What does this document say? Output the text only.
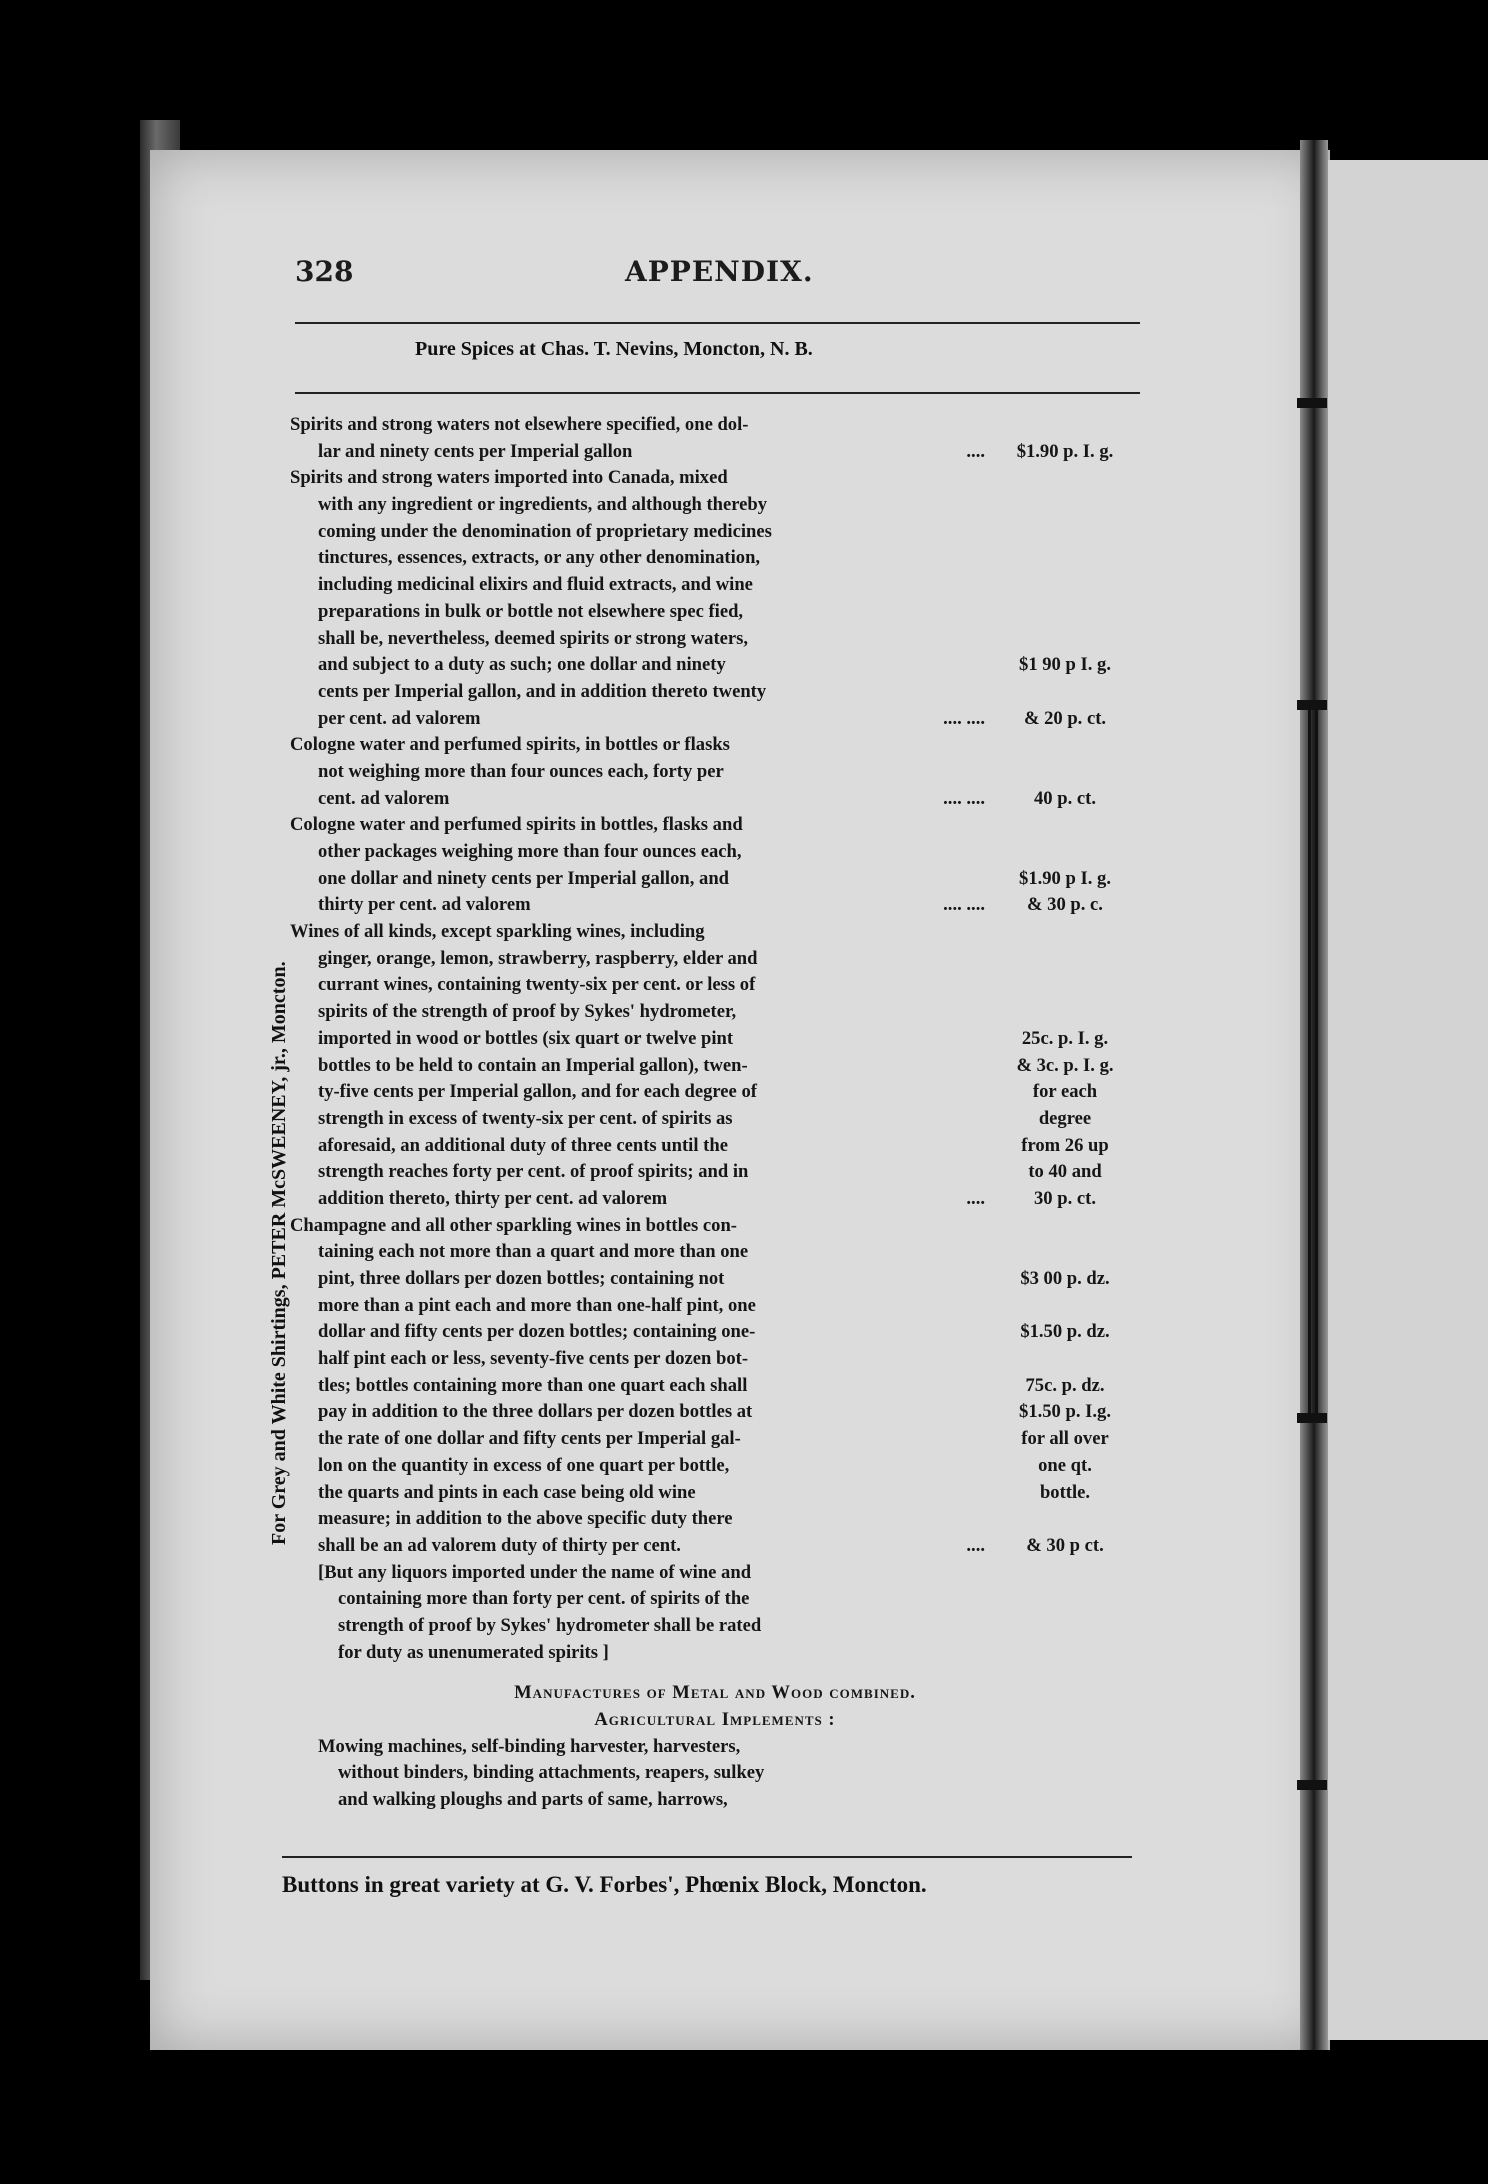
328	APPENDIX.
Pure Spices at Chas. T. Nevins, Moncton, N. B.
For Grey and White Shirtings, PETER McSWEENEY, jr., Moncton.
Spirits and strong waters not elsewhere specified, one dol-
lar and ninety cents per Imperial gallon	....	$1.90 p. I. g.
Spirits and strong waters imported into Canada, mixed
with any ingredient or ingredients, and although thereby
coming under the denomination of proprietary medicines
tinctures, essences, extracts, or any other denomination,
including medicinal elixirs and fluid extracts, and wine
preparations in bulk or bottle not elsewhere spec fied,
shall be, nevertheless, deemed spirits or strong waters,
and subject to a duty as such; one dollar and ninety	$1 90 p I. g.
cents per Imperial gallon, and in addition thereto twenty
per cent. ad valorem	.... ....	& 20 p. ct.
Cologne water and perfumed spirits, in bottles or flasks
not weighing more than four ounces each, forty per
cent. ad valorem	.... ....	40 p. ct.
Cologne water and perfumed spirits in bottles, flasks and
other packages weighing more than four ounces each,
one dollar and ninety cents per Imperial gallon, and	$1.90 p I. g.
thirty per cent. ad valorem	.... ....	& 30 p. c.
Wines of all kinds, except sparkling wines, including
ginger, orange, lemon, strawberry, raspberry, elder and
currant wines, containing twenty-six per cent. or less of
spirits of the strength of proof by Sykes' hydrometer,
imported in wood or bottles (six quart or twelve pint	25c. p. I. g.
bottles to be held to contain an Imperial gallon), twen-	& 3c. p. I. g.
ty-five cents per Imperial gallon, and for each degree of	for each
strength in excess of twenty-six per cent. of spirits as	degree
aforesaid, an additional duty of three cents until the	from 26 up
strength reaches forty per cent. of proof spirits; and in	to 40 and
addition thereto, thirty per cent. ad valorem	....	30 p. ct.
Champagne and all other sparkling wines in bottles con-
taining each not more than a quart and more than one
pint, three dollars per dozen bottles; containing not	$3 00 p. dz.
more than a pint each and more than one-half pint, one
dollar and fifty cents per dozen bottles; containing one-	$1.50 p. dz.
half pint each or less, seventy-five cents per dozen bot-
tles; bottles containing more than one quart each shall	75c. p. dz.
pay in addition to the three dollars per dozen bottles at	$1.50 p. I.g.
the rate of one dollar and fifty cents per Imperial gal-	for all over
lon on the quantity in excess of one quart per bottle,	one qt.
the quarts and pints in each case being old wine	bottle.
measure; in addition to the above specific duty there
shall be an ad valorem duty of thirty per cent.	....	& 30 p ct.
[But any liquors imported under the name of wine and
containing more than forty per cent. of spirits of the
strength of proof by Sykes' hydrometer shall be rated
for duty as unenumerated spirits ]
Manufactures of Metal and Wood combined.
Agricultural Implements :
Mowing machines, self-binding harvester, harvesters,
without binders, binding attachments, reapers, sulkey
and walking ploughs and parts of same, harrows,
Buttons in great variety at G. V. Forbes', Phœnix Block, Moncton.
